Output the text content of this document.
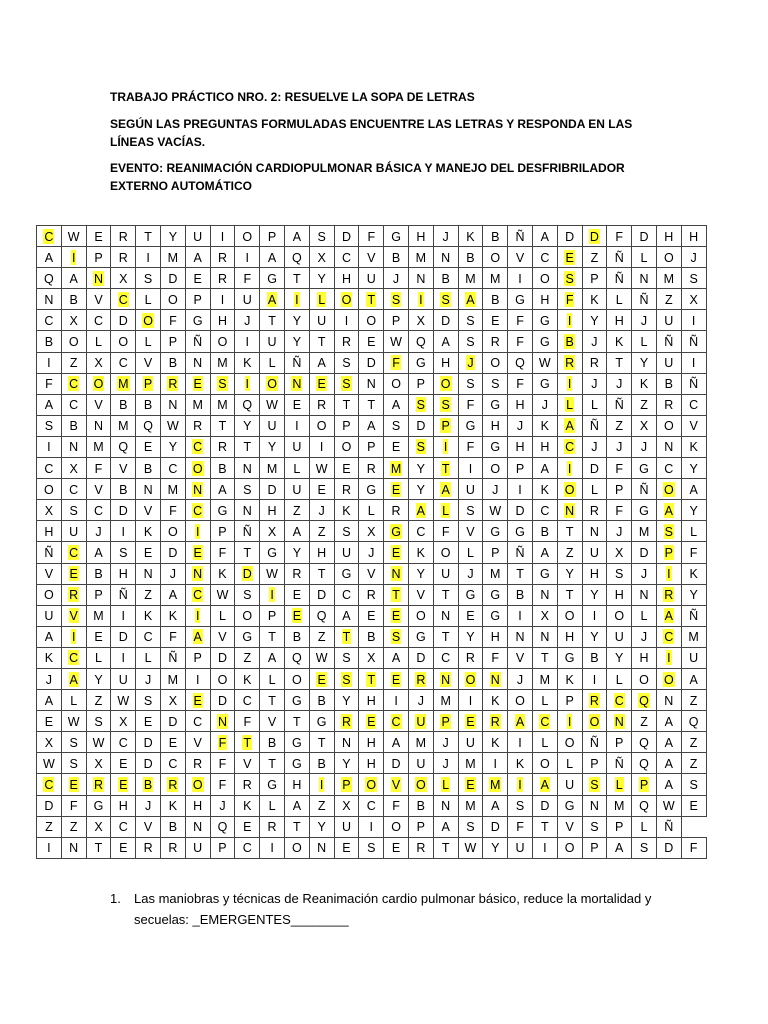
TRABAJO PRÁCTICO NRO. 2: RESUELVE LA SOPA DE LETRAS

SEGÚN LAS PREGUNTAS FORMULADAS ENCUENTRE LAS LETRAS Y RESPONDA EN LAS LÍNEAS VACÍAS.

EVENTO: REANIMACIÓN CARDIOPULMONAR BÁSICA Y MANEJO DEL DESFRIBRILADOR EXTERNO AUTOMÁTICO

C	W	E	R	T	Y	U	I	O	P	A	S	D	F	G	H	J	K	B	Ñ	A	D	D	F	D	H	H
A	I	P	R	I	M	A	R	I	A	Q	X	C	V	B	M	N	B	O	V	C	E	Z	Ñ	L	O	J
Q	A	N	X	S	D	E	R	F	G	T	Y	H	U	J	N	B	M	M	I	O	S	P	Ñ	N	M	S
N	B	V	C	L	O	P	I	U	A	I	L	O	T	S	I	S	A	B	G	H	F	K	L	Ñ	Z	X
C	X	C	D	O	F	G	H	J	T	Y	U	I	O	P	X	D	S	E	F	G	I	Y	H	J	U	I
B	O	L	O	L	P	Ñ	O	I	U	Y	T	R	E	W	Q	A	S	R	F	G	B	J	K	L	Ñ	Ñ
I	Z	X	C	V	B	N	M	K	L	Ñ	A	S	D	F	G	H	J	O	Q	W	R	R	T	Y	U	I
F	C	O	M	P	R	E	S	I	O	N	E	S	N	O	P	O	S	S	F	G	I	J	J	K	B	Ñ
A	C	V	B	B	N	M	M	Q	W	E	R	T	T	A	S	S	F	G	H	J	L	L	Ñ	Z	R	C
S	B	N	M	Q	W	R	T	Y	U	I	O	P	A	S	D	P	G	H	J	K	A	Ñ	Z	X	O	V
I	N	M	Q	E	Y	C	R	T	Y	U	I	O	P	E	S	I	F	G	H	H	C	J	J	J	N	K
C	X	F	V	B	C	O	B	N	M	L	W	E	R	M	Y	T	I	O	P	A	I	D	F	G	C	Y
O	C	V	B	N	M	N	A	S	D	U	E	R	G	E	Y	A	U	J	I	K	O	L	P	Ñ	O	A
X	S	C	D	V	F	C	G	N	H	Z	J	K	L	R	A	L	S	W	D	C	N	R	F	G	A	Y
H	U	J	I	K	O	I	P	Ñ	X	A	Z	S	X	G	C	F	V	G	G	B	T	N	J	M	S	L
Ñ	C	A	S	E	D	E	F	T	G	Y	H	U	J	E	K	O	L	P	Ñ	A	Z	U	X	D	P	F
V	E	B	H	N	J	N	K	D	W	R	T	G	V	N	Y	U	J	M	T	G	Y	H	S	J	I	K
O	R	P	Ñ	Z	A	C	W	S	I	E	D	C	R	T	V	T	G	G	B	N	T	Y	H	N	R	Y
U	V	M	I	K	K	I	L	O	P	E	Q	A	E	E	O	N	E	G	I	X	O	I	O	L	A	Ñ
A	I	E	D	C	F	A	V	G	T	B	Z	T	B	S	G	T	Y	H	N	N	H	Y	U	J	C	M
K	C	L	I	L	Ñ	P	D	Z	A	Q	W	S	X	A	D	C	R	F	V	T	G	B	Y	H	I	U
J	A	Y	U	J	M	I	O	K	L	O	E	S	T	E	R	N	O	N	J	M	K	I	L	O	O	A
A	L	Z	W	S	X	E	D	C	T	G	B	Y	H	I	J	M	I	K	O	L	P	R	C	Q	N	Z
E	W	S	X	E	D	C	N	F	V	T	G	R	E	C	U	P	E	R	A	C	I	O	N	Z	A	Q
X	S	W	C	D	E	V	F	T	B	G	T	N	H	A	M	J	U	K	I	L	O	Ñ	P	Q	A	Z
W	S	X	E	D	C	R	F	V	T	G	B	Y	H	D	U	J	M	I	K	O	L	P	Ñ	Q	A	Z
C	E	R	E	B	R	O	F	R	G	H	I	P	O	V	O	L	E	M	I	A	U	S	L	P	A	S
D	F	G	H	J	K	H	J	K	L	A	Z	X	C	F	B	N	M	A	S	D	G	N	M	Q	W	E
Z	Z	X	C	V	B	N	Q	E	R	T	Y	U	I	O	P	A	S	D	F	T	V	S	P	L	Ñ	
I	N	T	E	R	R	U	P	C	I	O	N	E	S	E	R	T	W	Y	U	I	O	P	A	S	D	F
1.	Las maniobras y técnicas de Reanimación cardio pulmonar básico, reduce la mortalidad y secuelas: _EMERGENTES________
